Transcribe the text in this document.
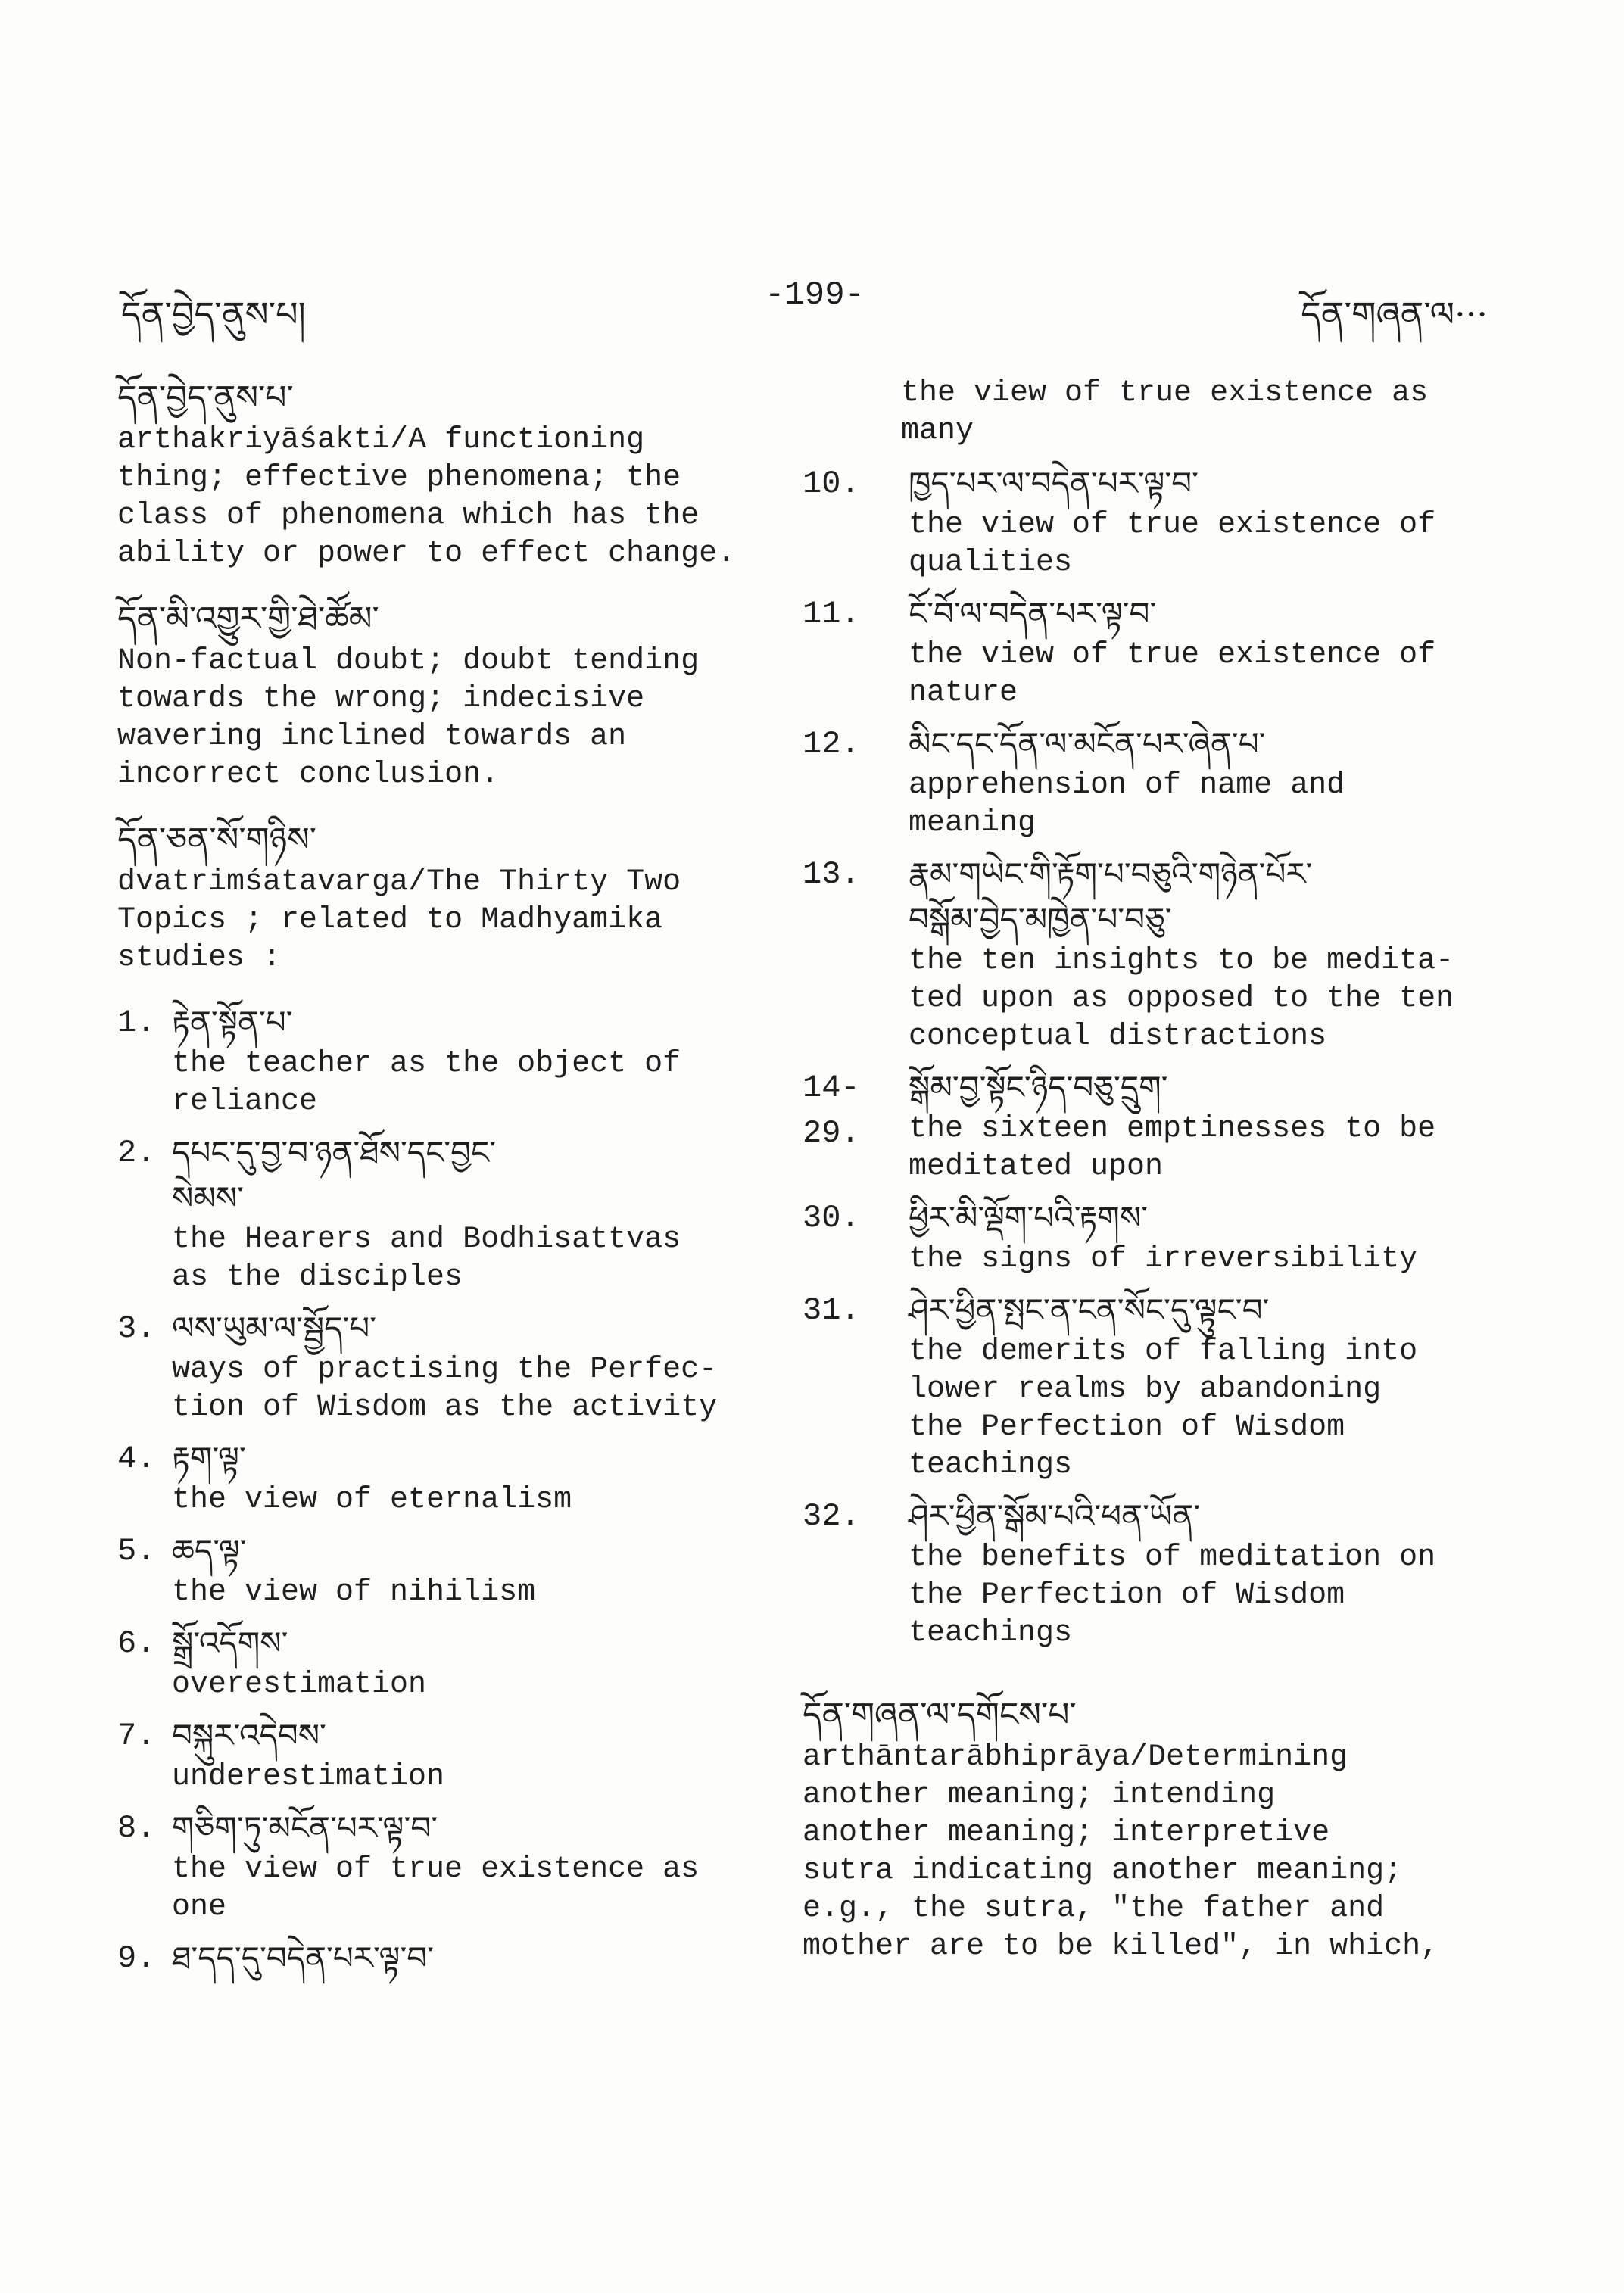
དོན་བྱེད་ནུས་པ།	-199-	དོན་གཞན་ལ···
དོན་བྱེད་ནུས་པ་
arthakriyāśakti/A functioning
thing; effective phenomena; the
class of phenomena which has the
ability or power to effect change.
དོན་མི་འགྱུར་གྱི་ཐེ་ཚོམ་
Non-factual doubt; doubt tending
towards the wrong; indecisive
wavering inclined towards an
incorrect conclusion.
དོན་ཅན་སོ་གཉིས་
dvatrimśatavarga/The Thirty Two
Topics ; related to Madhyamika
studies :
1. རྟེན་སྟོན་པ་
the teacher as the object of
reliance
2. དཔང་དུ་བྱ་བ་ཉན་ཐོས་དང་བྱང་
སེམས་
the Hearers and Bodhisattvas
as the disciples
3. ལས་ཡུམ་ལ་སྦྱོད་པ་
ways of practising the Perfec-
tion of Wisdom as the activity
4. རྟག་ལྟ་
the view of eternalism
5. ཆད་ལྟ་
the view of nihilism
6. སྒྲོ་འདོགས་
overestimation
7. བསྐུར་འདེབས་
underestimation
8. གཅིག་ཏུ་མངོན་པར་ལྟ་བ་
the view of true existence as
one
9. ཐ་དད་དུ་བདེན་པར་ལྟ་བ་
the view of true existence as
many
10.	ཁྱད་པར་ལ་བདེན་པར་ལྟ་བ་
the view of true existence of
qualities
11.	ངོ་བོ་ལ་བདེན་པར་ལྟ་བ་
the view of true existence of
nature
12.	མིང་དང་དོན་ལ་མངོན་པར་ཞེན་པ་
apprehension of name and
meaning
13.	རྣམ་གཡེང་གི་རྟོག་པ་བཅུའི་གཉེན་པོར་
བསྒོམ་བྱེད་མཁྱེན་པ་བཅུ་
the ten insights to be medita-
ted upon as opposed to the ten
conceptual distractions
14-29.
སྒོམ་བྱ་སྟོང་ཉིད་བཅུ་དྲུག་
the sixteen emptinesses to be
meditated upon
30.	ཕྱིར་མི་ལྡོག་པའི་རྟགས་
the signs of irreversibility
31.	ཤེར་ཕྱིན་སྤང་ན་ངན་སོང་དུ་ལྟུང་བ་
the demerits of falling into
lower realms by abandoning
the Perfection of Wisdom
teachings
32.	ཤེར་ཕྱིན་སྒོམ་པའི་ཕན་ཡོན་
the benefits of meditation on
the Perfection of Wisdom
teachings
དོན་གཞན་ལ་དགོངས་པ་
arthāntarābhiprāya/Determining
another meaning; intending
another meaning; interpretive
sutra indicating another meaning;
e.g., the sutra, "the father and
mother are to be killed", in which,
